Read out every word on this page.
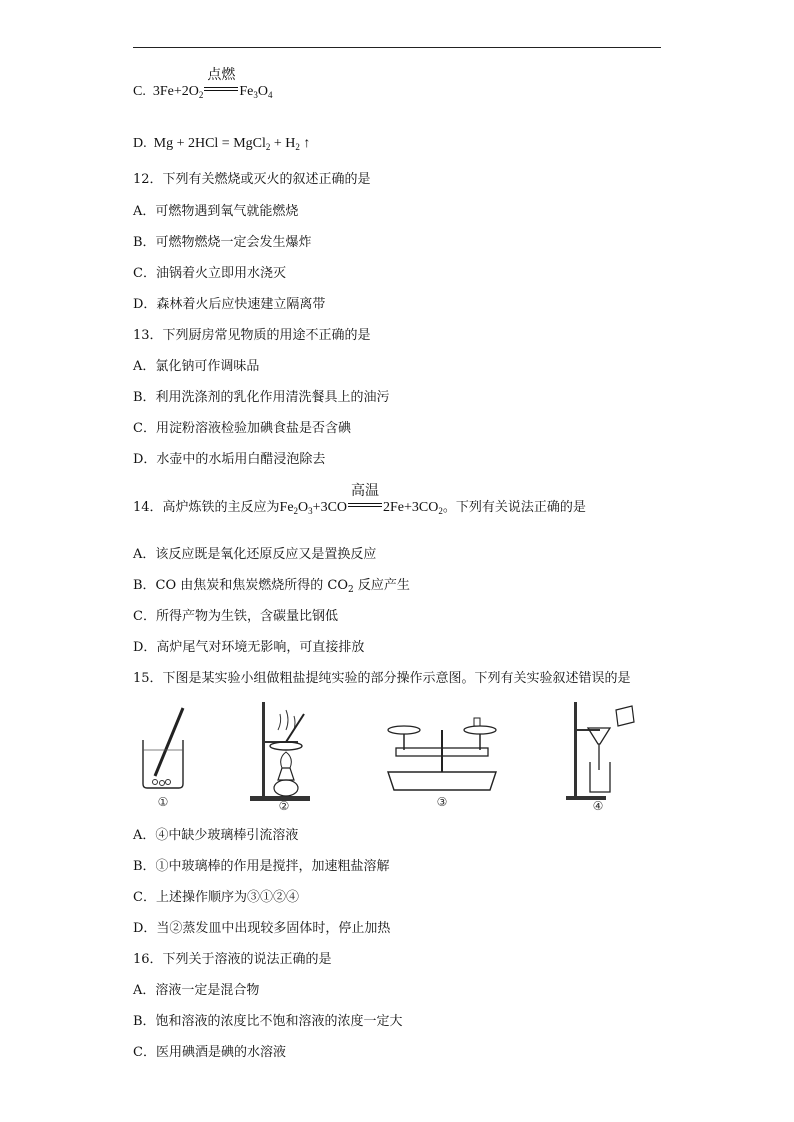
C. $3Fe+2O_2$
点燃
$Fe_3O_4$
D. Mg + 2HCl = MgCl$_2$ + $H_2$ ↑
12．下列有关燃烧或灭火的叙述正确的是
A．可燃物遇到氧气就能燃烧
B．可燃物燃烧一定会发生爆炸
C．油锅着火立即用水浇灭
D．森林着火后应快速建立隔离带
13．下列厨房常见物质的用途不正确的是
A．氯化钠可作调味品
B．利用洗涤剂的乳化作用清洗餐具上的油污
C．用淀粉溶液检验加碘食盐是否含碘
D．水壶中的水垢用白醋浸泡除去
14．高炉炼铁的主反应为$Fe_2O_3+3CO$
高温
$2Fe+3CO_2$。下列有关说法正确的是
A．该反应既是氧化还原反应又是置换反应
B．CO 由焦炭和焦炭燃烧所得的 $CO_2$ 反应产生
C．所得产物为生铁，含碳量比钢低
D．高炉尾气对环境无影响，可直接排放
15．下图是某实验小组做粗盐提纯实验的部分操作示意图。下列有关实验叙述错误的是
①	②	③	④
A．④中缺少玻璃棒引流溶液
B．①中玻璃棒的作用是搅拌，加速粗盐溶解
C．上述操作顺序为③①②④
D．当②蒸发皿中出现较多固体时，停止加热
16．下列关于溶液的说法正确的是
A．溶液一定是混合物
B．饱和溶液的浓度比不饱和溶液的浓度一定大
C．医用碘酒是碘的水溶液
